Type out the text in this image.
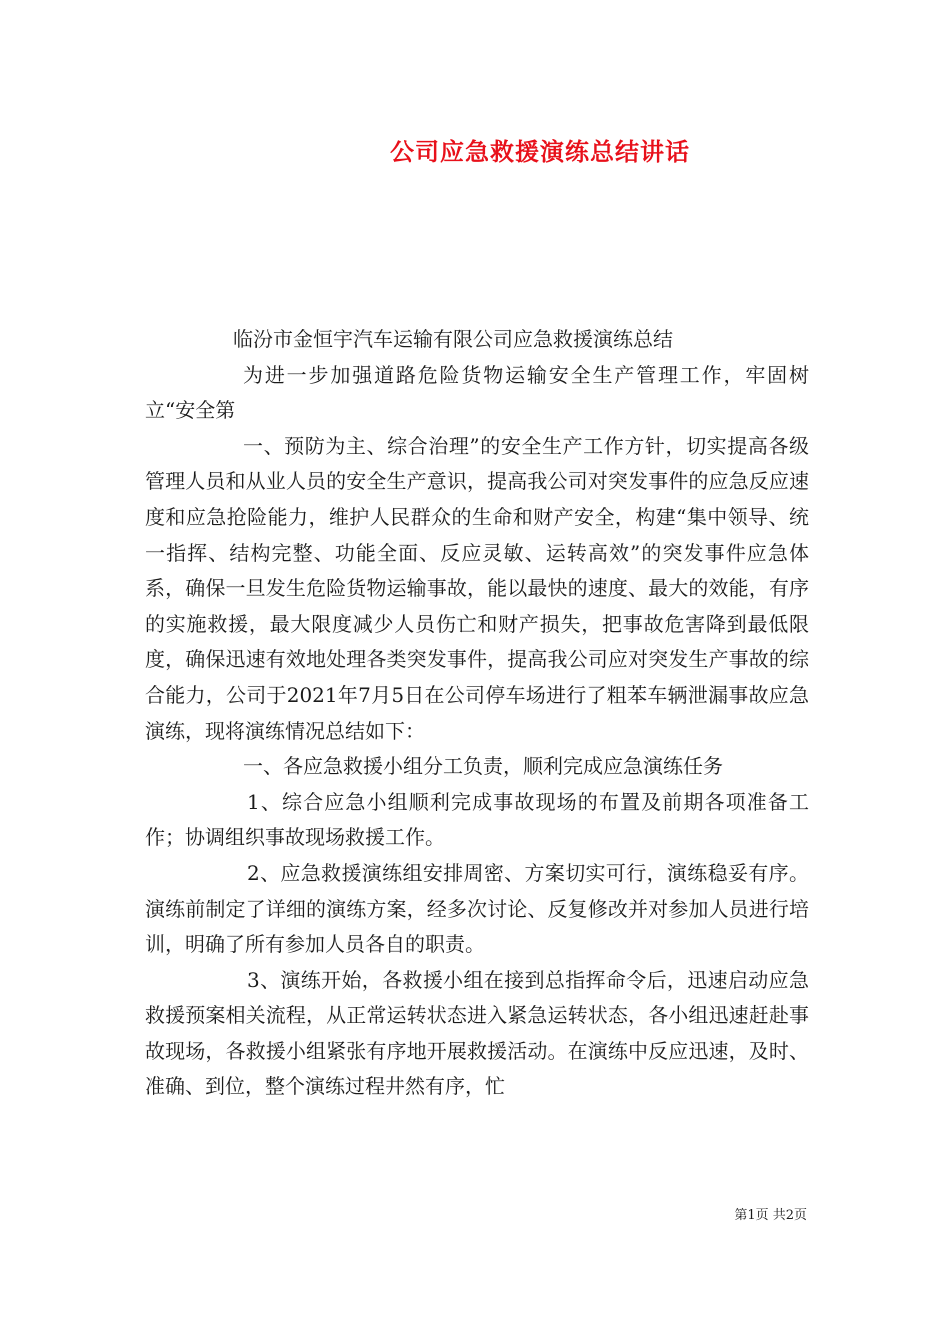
公司应急救援演练总结讲话

临汾市金恒宇汽车运输有限公司应急救援演练总结

为进一步加强道路危险货物运输安全生产管理工作，牢固树立“安全第

一、预防为主、综合治理”的安全生产工作方针，切实提高各级管理人员和从业人员的安全生产意识，提高我公司对突发事件的应急反应速度和应急抢险能力，维护人民群众的生命和财产安全，构建“集中领导、统一指挥、结构完整、功能全面、反应灵敏、运转高效”的突发事件应急体系，确保一旦发生危险货物运输事故，能以最快的速度、最大的效能，有序的实施救援，最大限度减少人员伤亡和财产损失，把事故危害降到最低限度，确保迅速有效地处理各类突发事件，提高我公司应对突发生产事故的综合能力，公司于2021年7月5日在公司停车场进行了粗苯车辆泄漏事故应急演练，现将演练情况总结如下：

一、各应急救援小组分工负责，顺利完成应急演练任务

1、综合应急小组顺利完成事故现场的布置及前期各项准备工作；协调组织事故现场救援工作。

2、应急救援演练组安排周密、方案切实可行，演练稳妥有序。演练前制定了详细的演练方案，经多次讨论、反复修改并对参加人员进行培训，明确了所有参加人员各自的职责。

3、演练开始，各救援小组在接到总指挥命令后，迅速启动应急救援预案相关流程，从正常运转状态进入紧急运转状态，各小组迅速赶赴事故现场，各救援小组紧张有序地开展救援活动。在演练中反应迅速，及时、准确、到位，整个演练过程井然有序，忙

第1页 共2页
